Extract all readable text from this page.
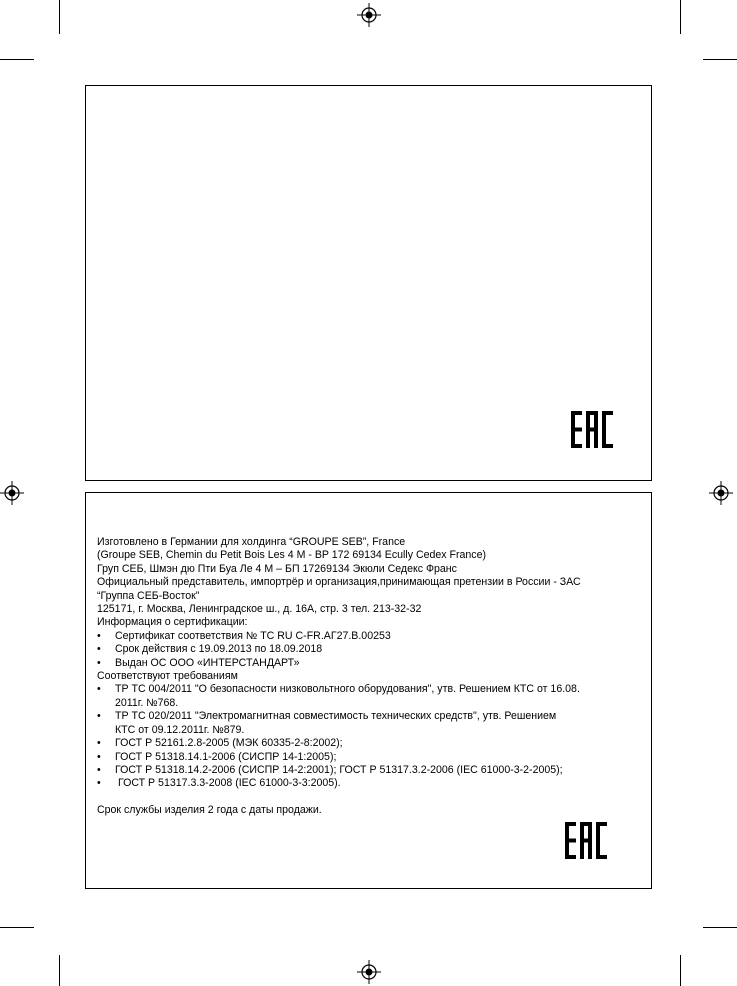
Изготовлено в Германии для холдинга “GROUPE SEB”, France
(Groupe SEB, Chemin du Petit Bois Les 4 M - BP 172 69134 Ecully Cedex France)
Груп СЕБ, Шмэн дю Пти Буа Ле 4 М – БП 17269134 Экюли Седекс Франс
Официальный представитель, импортрёр и организация,принимающая претензии в России - ЗАС
“Группа СЕБ-Восток”
125171, г. Москва, Ленинградское ш., д. 16А, стр. 3 тел. 213-32-32
Информация о сертификации:
• Сертификат соответствия № ТС RU C-FR.АГ27.В.00253
• Срок действия с 19.09.2013 по 18.09.2018
• Выдан ОС ООО «ИНТЕРСТАНДАРТ»
Соответствуют требованиям
• ТР ТС 004/2011 "О безопасности низковольтного оборудования", утв. Решением КТС от 16.08.
2011г. №768.
• ТР ТС 020/2011 "Электромагнитная совместимость технических средств", утв. Решением
КТС от 09.12.2011г. №879.
• ГОСТ Р 52161.2.8-2005 (МЭК 60335-2-8:2002);
• ГОСТ Р 51318.14.1-2006 (СИСПР 14-1:2005);
• ГОСТ Р 51318.14.2-2006 (СИСПР 14-2:2001); ГОСТ Р 51317.3.2-2006 (IEC 61000-3-2-2005);
•  ГОСТ Р 51317.3.3-2008 (IEC 61000-3-3:2005).
Срок службы изделия 2 года с даты продажи.
